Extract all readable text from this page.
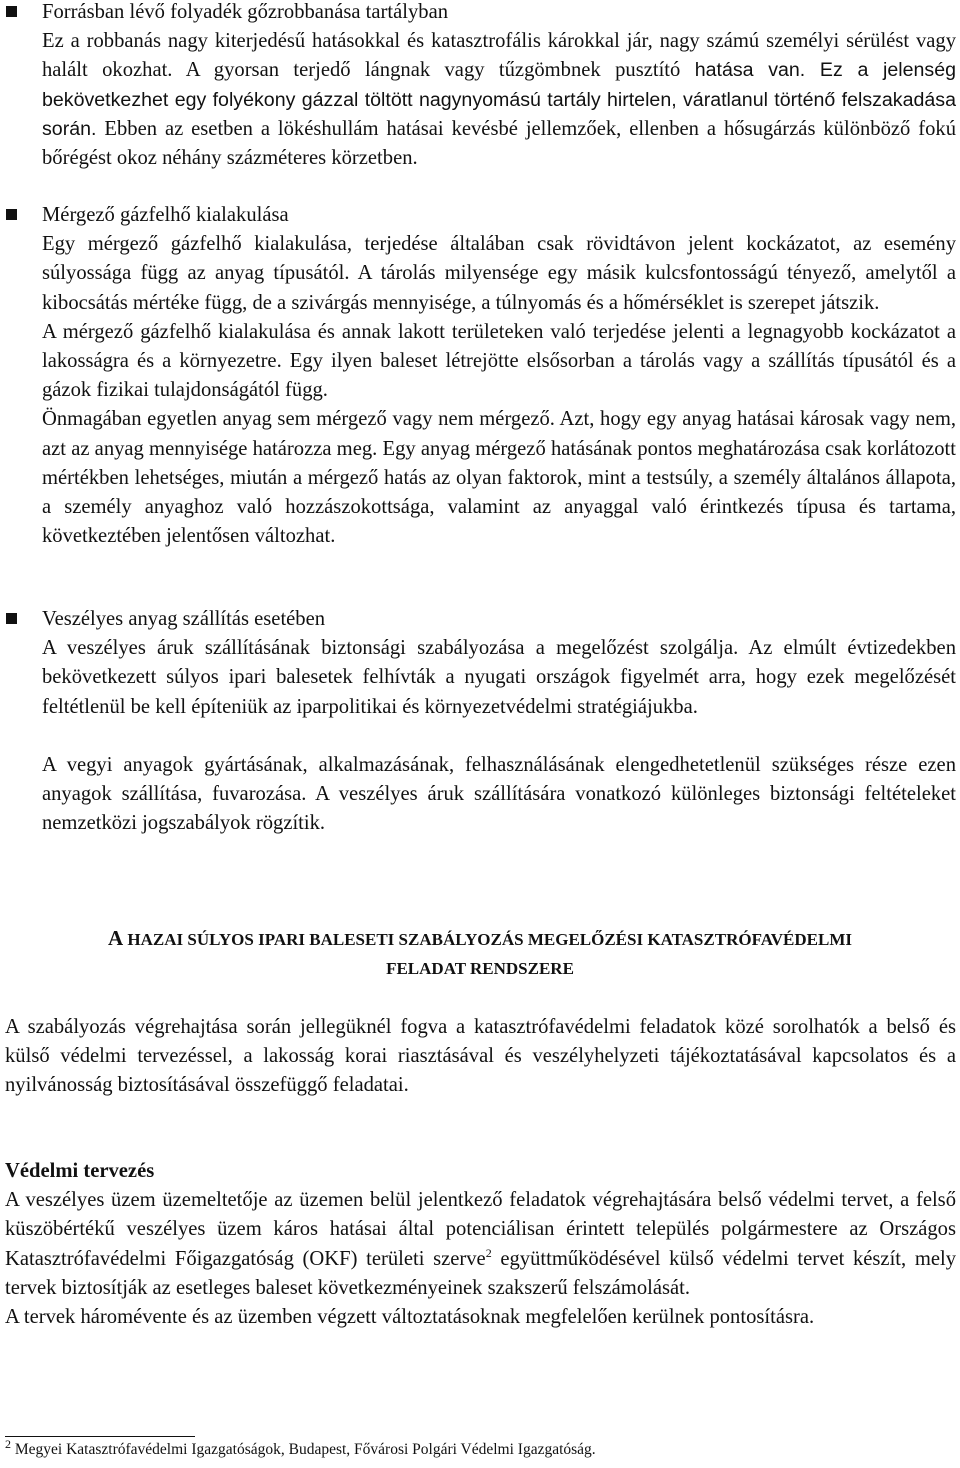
Forrásban lévő folyadék gőzrobbanása tartályban

Ez a robbanás nagy kiterjedésű hatásokkal és katasztrofális károkkal jár, nagy számú személyi sérülést vagy halált okozhat. A gyorsan terjedő lángnak vagy tűzgömbnek pusztító hatása van. Ez a jelenség bekövetkezhet egy folyékony gázzal töltött nagynyomású tartály hirtelen, váratlanul történő felszakadása során. Ebben az esetben a lökéshullám hatásai kevésbé jellemzőek, ellenben a hősugárzás különböző fokú bőrégést okoz néhány százméteres körzetben.

Mérgező gázfelhő kialakulása

Egy mérgező gázfelhő kialakulása, terjedése általában csak rövidtávon jelent kockázatot, az esemény súlyossága függ az anyag típusától. A tárolás milyensége egy másik kulcsfontosságú tényező, amelytől a kibocsátás mértéke függ, de a szivárgás mennyisége, a túlnyomás és a hőmérséklet is szerepet játszik.

A mérgező gázfelhő kialakulása és annak lakott területeken való terjedése jelenti a legnagyobb kockázatot a lakosságra és a környezetre. Egy ilyen baleset létrejötte elsősorban a tárolás vagy a szállítás típusától és a gázok fizikai tulajdonságától függ.

Önmagában egyetlen anyag sem mérgező vagy nem mérgező. Azt, hogy egy anyag hatásai károsak vagy nem, azt az anyag mennyisége határozza meg. Egy anyag mérgező hatásának pontos meghatározása csak korlátozott mértékben lehetséges, miután a mérgező hatás az olyan faktorok, mint a testsúly, a személy általános állapota, a személy anyaghoz való hozzászokottsága, valamint az anyaggal való érintkezés típusa és tartama, következtében jelentősen változhat.

Veszélyes anyag szállítás esetében

A veszélyes áruk szállításának biztonsági szabályozása a megelőzést szolgálja. Az elmúlt évtizedekben bekövetkezett súlyos ipari balesetek felhívták a nyugati országok figyelmét arra, hogy ezek megelőzését feltétlenül be kell építeniük az iparpolitikai és környezetvédelmi stratégiájukba.

A vegyi anyagok gyártásának, alkalmazásának, felhasználásának elengedhetetlenül szükséges része ezen anyagok szállítása, fuvarozása. A veszélyes áruk szállítására vonatkozó különleges biztonsági feltételeket nemzetközi jogszabályok rögzítik.

A HAZAI SÚLYOS IPARI BALESETI SZABÁLYOZÁS MEGELŐZÉSI KATASZTRÓFAVÉDELMI
FELADAT RENDSZERE

A szabályozás végrehajtása során jellegüknél fogva a katasztrófavédelmi feladatok közé sorolhatók a belső és külső védelmi tervezéssel, a lakosság korai riasztásával és veszélyhelyzeti tájékoztatásával kapcsolatos és a nyilvánosság biztosításával összefüggő feladatai.

Védelmi tervezés

A veszélyes üzem üzemeltetője az üzemen belül jelentkező feladatok végrehajtására belső védelmi tervet, a felső küszöbértékű veszélyes üzem káros hatásai által potenciálisan érintett település polgármestere az Országos Katasztrófavédelmi Főigazgatóság (OKF) területi szerve$^2$ együttműködésével külső védelmi tervet készít, mely tervek biztosítják az esetleges baleset következményeinek szakszerű felszámolását.

A tervek háromévente és az üzemben végzett változtatásoknak megfelelően kerülnek pontosításra.

$^2$ Megyei Katasztrófavédelmi Igazgatóságok, Budapest, Fővárosi Polgári Védelmi Igazgatóság.
